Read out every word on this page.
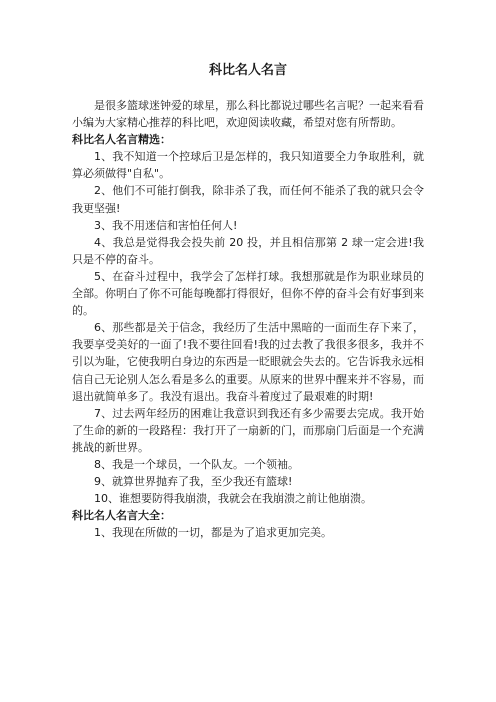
科比名人名言

是很多篮球迷钟爱的球星，那么科比都说过哪些名言呢？一起来看看小编为大家精心推荐的科比吧，欢迎阅读收藏，希望对您有所帮助。

科比名人名言精选：

1、我不知道一个控球后卫是怎样的，我只知道要全力争取胜利，就算必须做得"自私"。

2、他们不可能打倒我，除非杀了我，而任何不能杀了我的就只会令我更坚强!

3、我不用迷信和害怕任何人!

4、我总是觉得我会投失前 20 投，并且相信那第 2 球一定会进!我只是不停的奋斗。

5、在奋斗过程中，我学会了怎样打球。我想那就是作为职业球员的全部。你明白了你不可能每晚都打得很好，但你不停的奋斗会有好事到来的。

6、那些都是关于信念，我经历了生活中黑暗的一面而生存下来了，我要享受美好的一面了!我不要往回看!我的过去教了我很多很多，我并不引以为耻，它使我明白身边的东西是一眨眼就会失去的。它告诉我永远相信自己无论别人怎么看是多么的重要。从原来的世界中醒来并不容易，而退出就简单多了。我没有退出。我奋斗着度过了最艰难的时期!

7、过去两年经历的困难让我意识到我还有多少需要去完成。我开始了生命的新的一段路程：我打开了一扇新的门，而那扇门后面是一个充满挑战的新世界。

8、我是一个球员，一个队友。一个领袖。

9、就算世界抛弃了我，至少我还有篮球!

10、谁想要防得我崩溃，我就会在我崩溃之前让他崩溃。

科比名人名言大全：

1、我现在所做的一切，都是为了追求更加完美。
